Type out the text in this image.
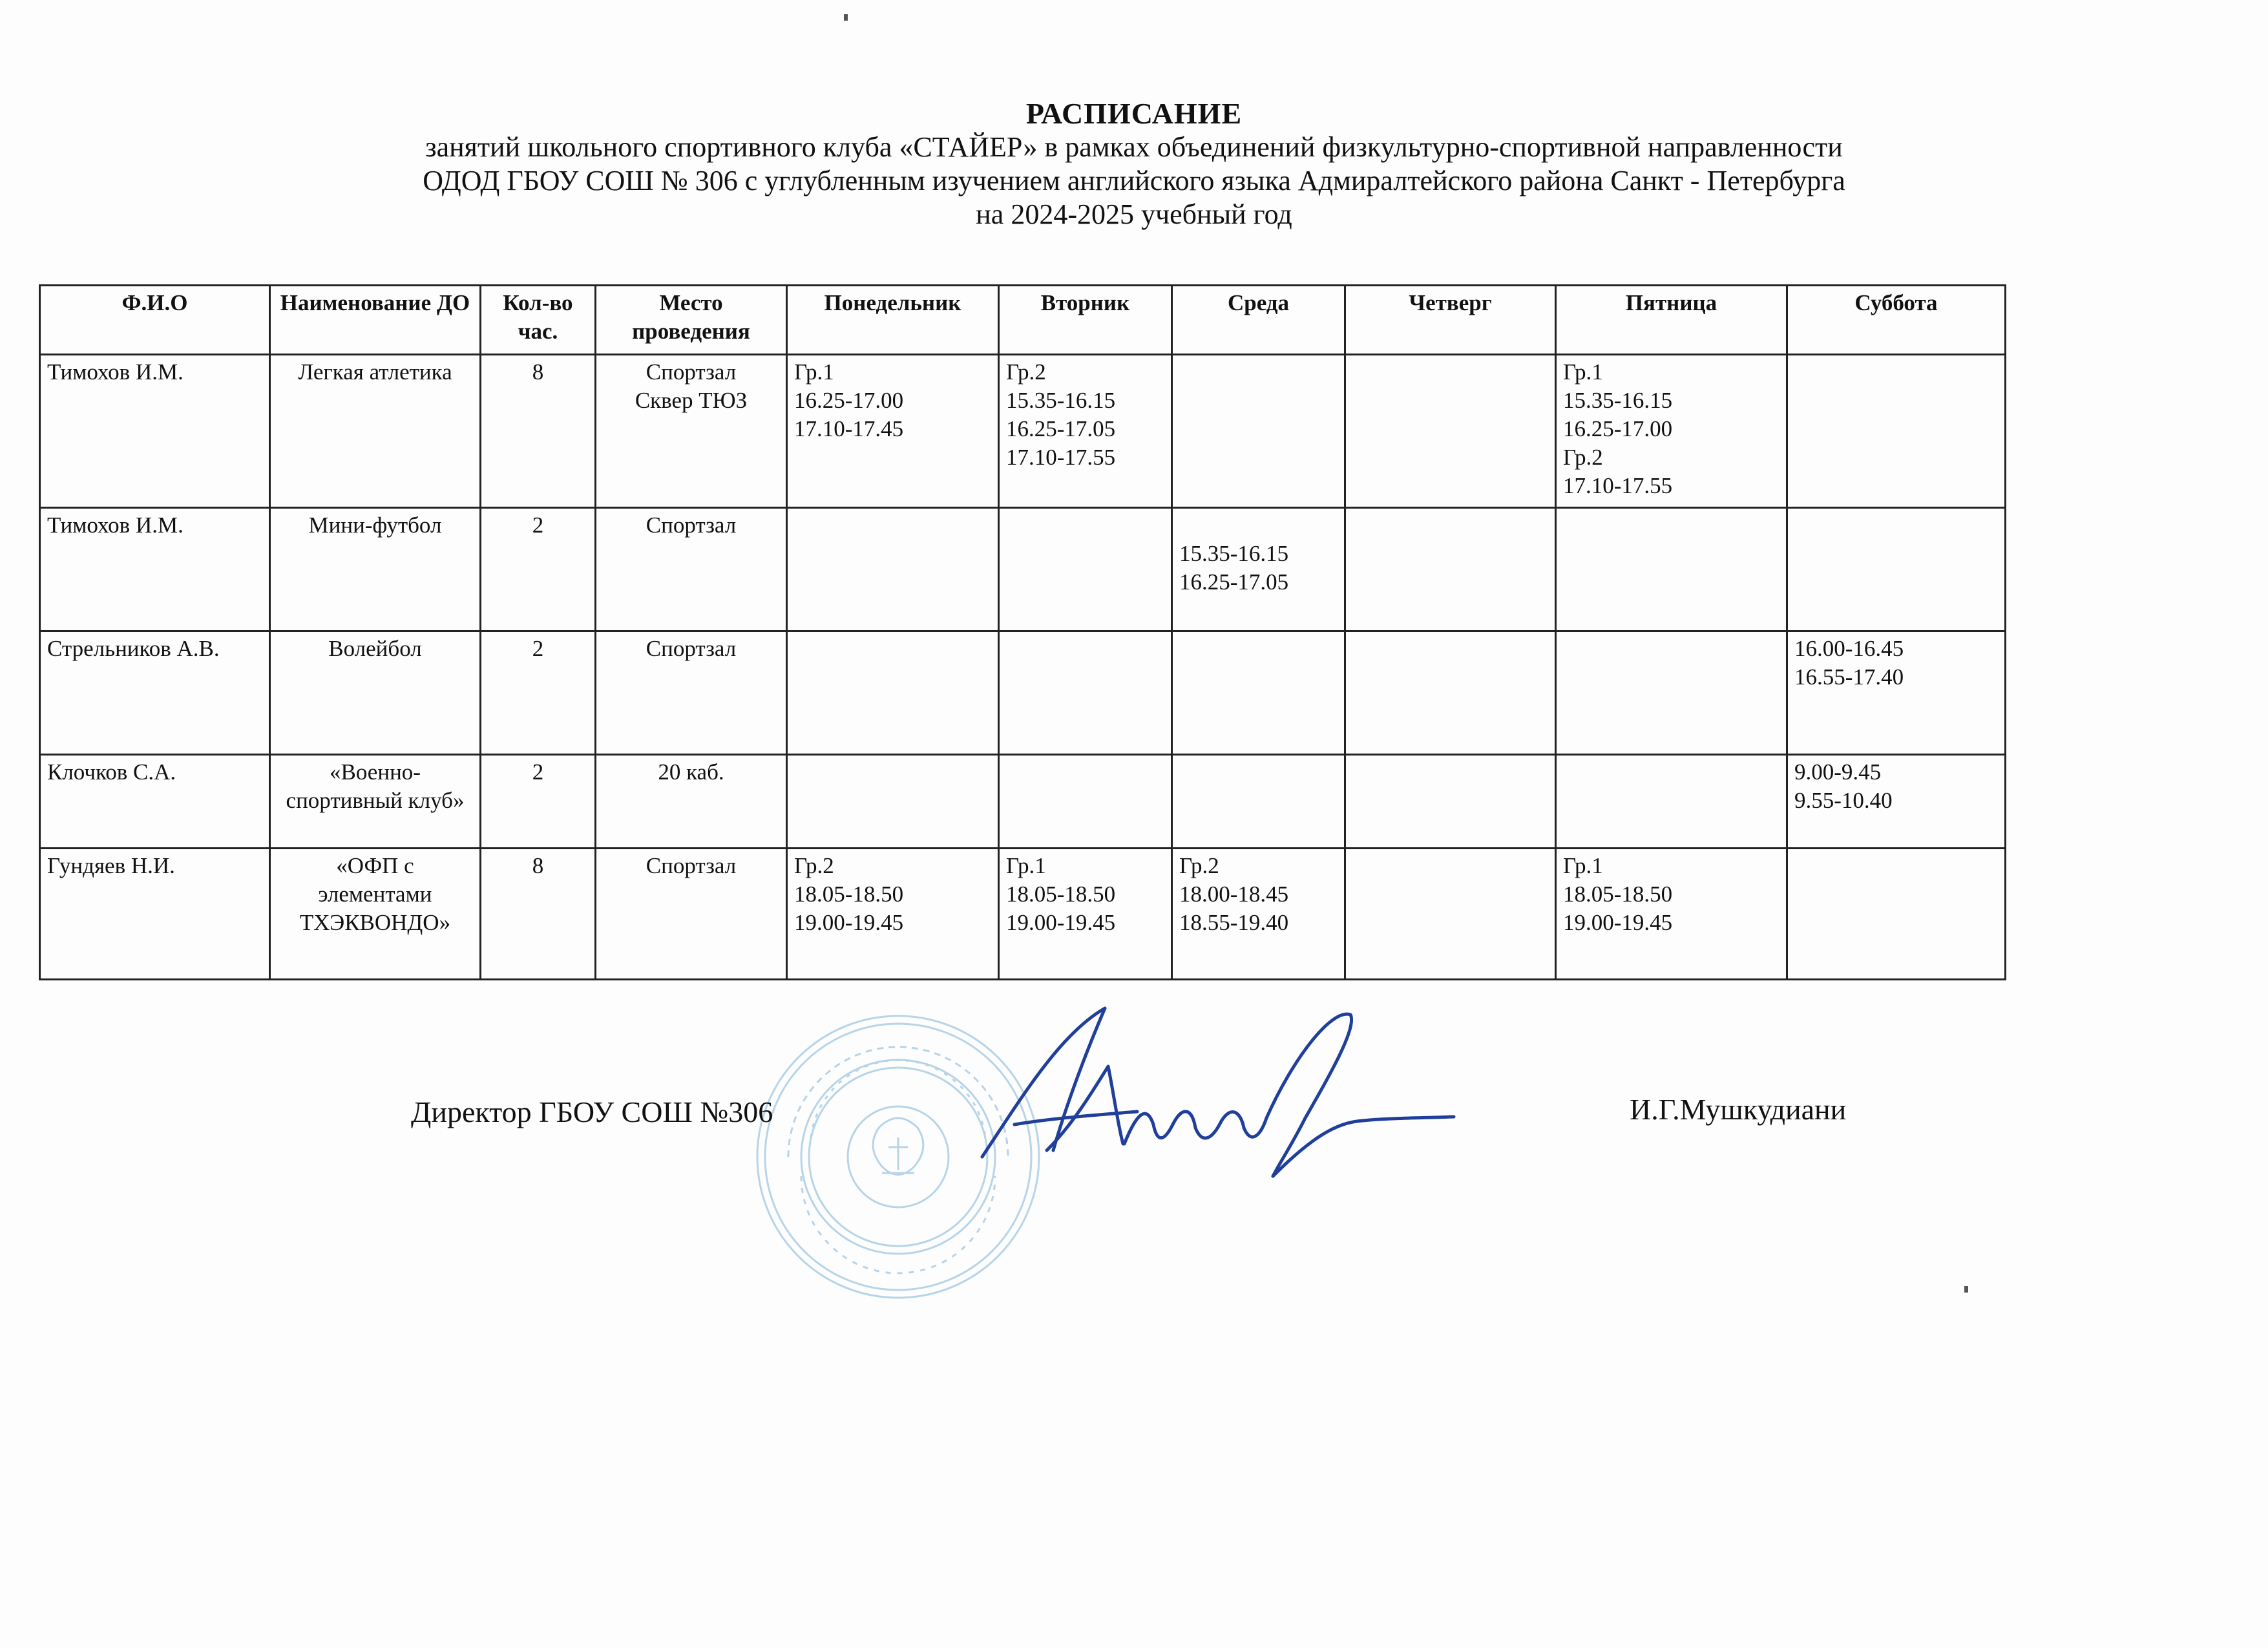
РАСПИСАНИЕ
занятий школьного спортивного клуба «СТАЙЕР» в рамках объединений физкультурно-спортивной направленности
ОДОД ГБОУ СОШ № 306 с углубленным изучением английского языка Адмиралтейского района Санкт - Петербурга
на 2024-2025 учебный год
Ф.И.О	Наименование ДО	Кол-во час.	Место проведения	Понедельник	Вторник	Среда	Четверг	Пятница	Суббота
Тимохов И.М.	Легкая атлетика	8	Спортзал
Сквер ТЮЗ	Гр.1
16.25-17.00
17.10-17.45	Гр.2
15.35-16.15
16.25-17.05
17.10-17.55			Гр.1
15.35-16.15
16.25-17.00
Гр.2
17.10-17.55	
Тимохов И.М.	Мини-футбол	2	Спортзал			15.35-16.15
16.25-17.05			
Стрельников А.В.	Волейбол	2	Спортзал						16.00-16.45
16.55-17.40
Клочков С.А.	«Военно-спортивный клуб»	2	20 каб.						9.00-9.45
9.55-10.40
Гундяев Н.И.	«ОФП с элементами ТХЭКВОНДО»	8	Спортзал	Гр.2
18.05-18.50
19.00-19.45	Гр.1
18.05-18.50
19.00-19.45	Гр.2
18.00-18.45
18.55-19.40		Гр.1
18.05-18.50
19.00-19.45	
Директор ГБОУ СОШ №306	И.Г.Мушкудиани
